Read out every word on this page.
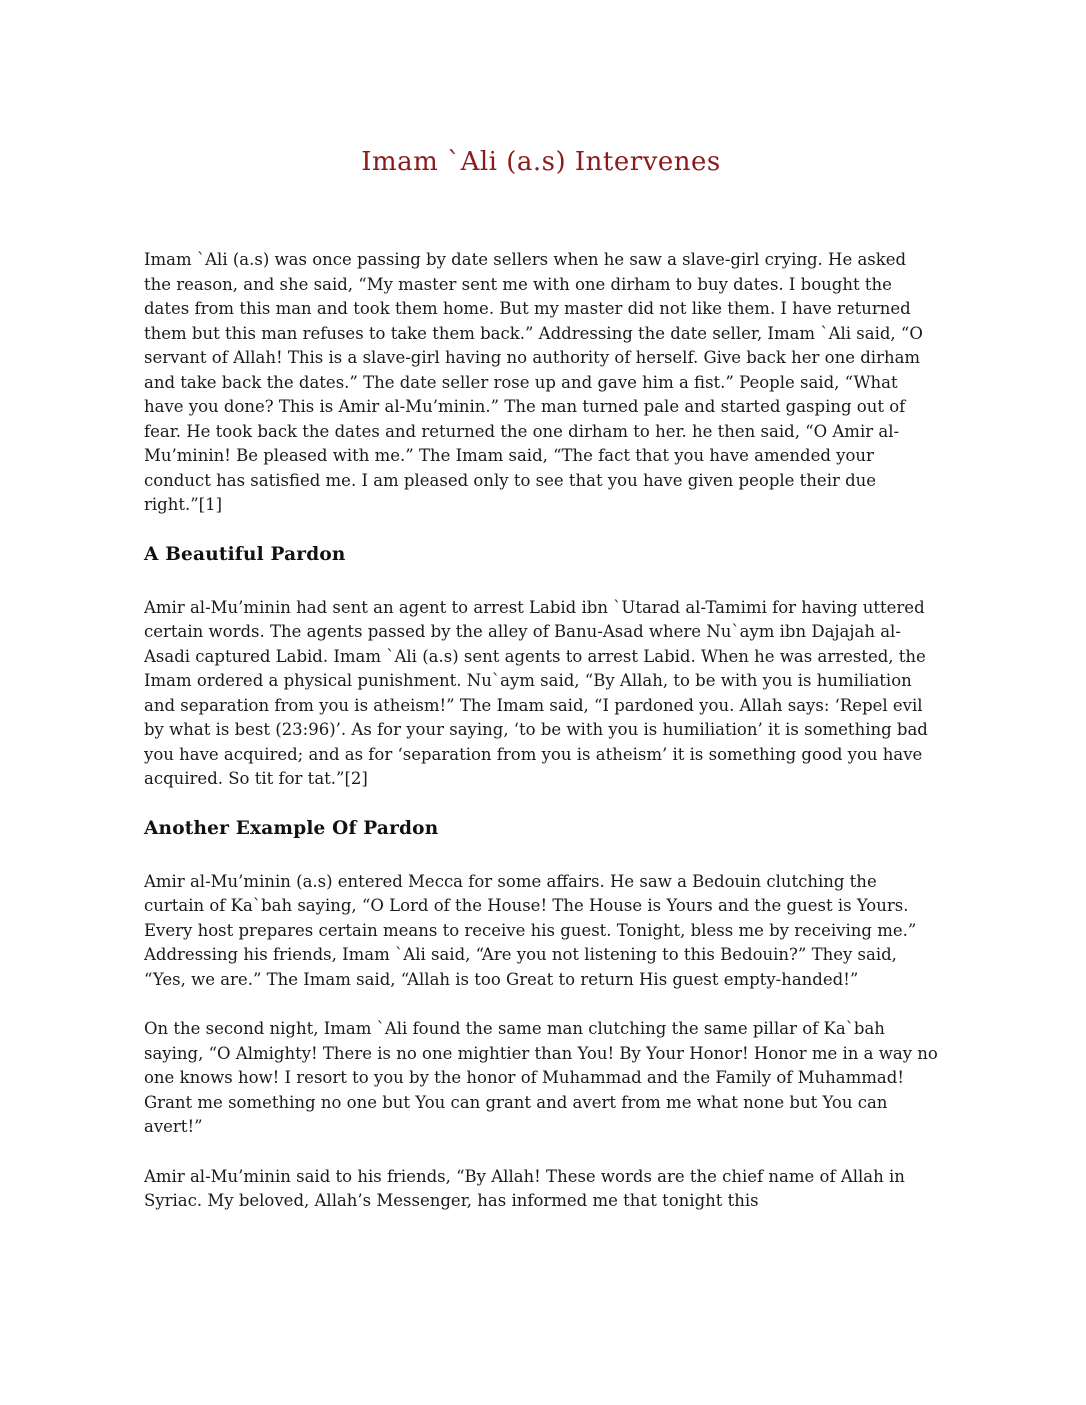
Imam `Ali (a.s) Intervenes

Imam `Ali (a.s) was once passing by date sellers when he saw a slave-girl crying. He asked the reason, and she said, “My master sent me with one dirham to buy dates. I bought the dates from this man and took them home. But my master did not like them. I have returned them but this man refuses to take them back.” Addressing the date seller, Imam `Ali said, “O servant of Allah! This is a slave-girl having no authority of herself. Give back her one dirham and take back the dates.” The date seller rose up and gave him a fist.” People said, “What have you done? This is Amir al-Mu’minin.” The man turned pale and started gasping out of fear. He took back the dates and returned the one dirham to her. he then said, “O Amir al-Mu’minin! Be pleased with me.” The Imam said, “The fact that you have amended your conduct has satisfied me. I am pleased only to see that you have given people their due right.”[1]

A Beautiful Pardon

Amir al-Mu’minin had sent an agent to arrest Labid ibn `Utarad al-Tamimi for having uttered certain words. The agents passed by the alley of Banu-Asad where Nu`aym ibn Dajajah al-Asadi captured Labid. Imam `Ali (a.s) sent agents to arrest Labid. When he was arrested, the Imam ordered a physical punishment. Nu`aym said, “By Allah, to be with you is humiliation and separation from you is atheism!” The Imam said, “I pardoned you. Allah says: ‘Repel evil by what is best (23:96)’. As for your saying, ‘to be with you is humiliation’ it is something bad you have acquired; and as for ‘separation from you is atheism’ it is something good you have acquired. So tit for tat.”[2]

Another Example Of Pardon

Amir al-Mu’minin (a.s) entered Mecca for some affairs. He saw a Bedouin clutching the curtain of Ka`bah saying, “O Lord of the House! The House is Yours and the guest is Yours. Every host prepares certain means to receive his guest. Tonight, bless me by receiving me.” Addressing his friends, Imam `Ali said, “Are you not listening to this Bedouin?” They said, “Yes, we are.” The Imam said, “Allah is too Great to return His guest empty-handed!”

On the second night, Imam `Ali found the same man clutching the same pillar of Ka`bah saying, “O Almighty! There is no one mightier than You! By Your Honor! Honor me in a way no one knows how! I resort to you by the honor of Muhammad and the Family of Muhammad! Grant me something no one but You can grant and avert from me what none but You can avert!”

Amir al-Mu’minin said to his friends, “By Allah! These words are the chief name of Allah in Syriac. My beloved, Allah’s Messenger, has informed me that tonight this
